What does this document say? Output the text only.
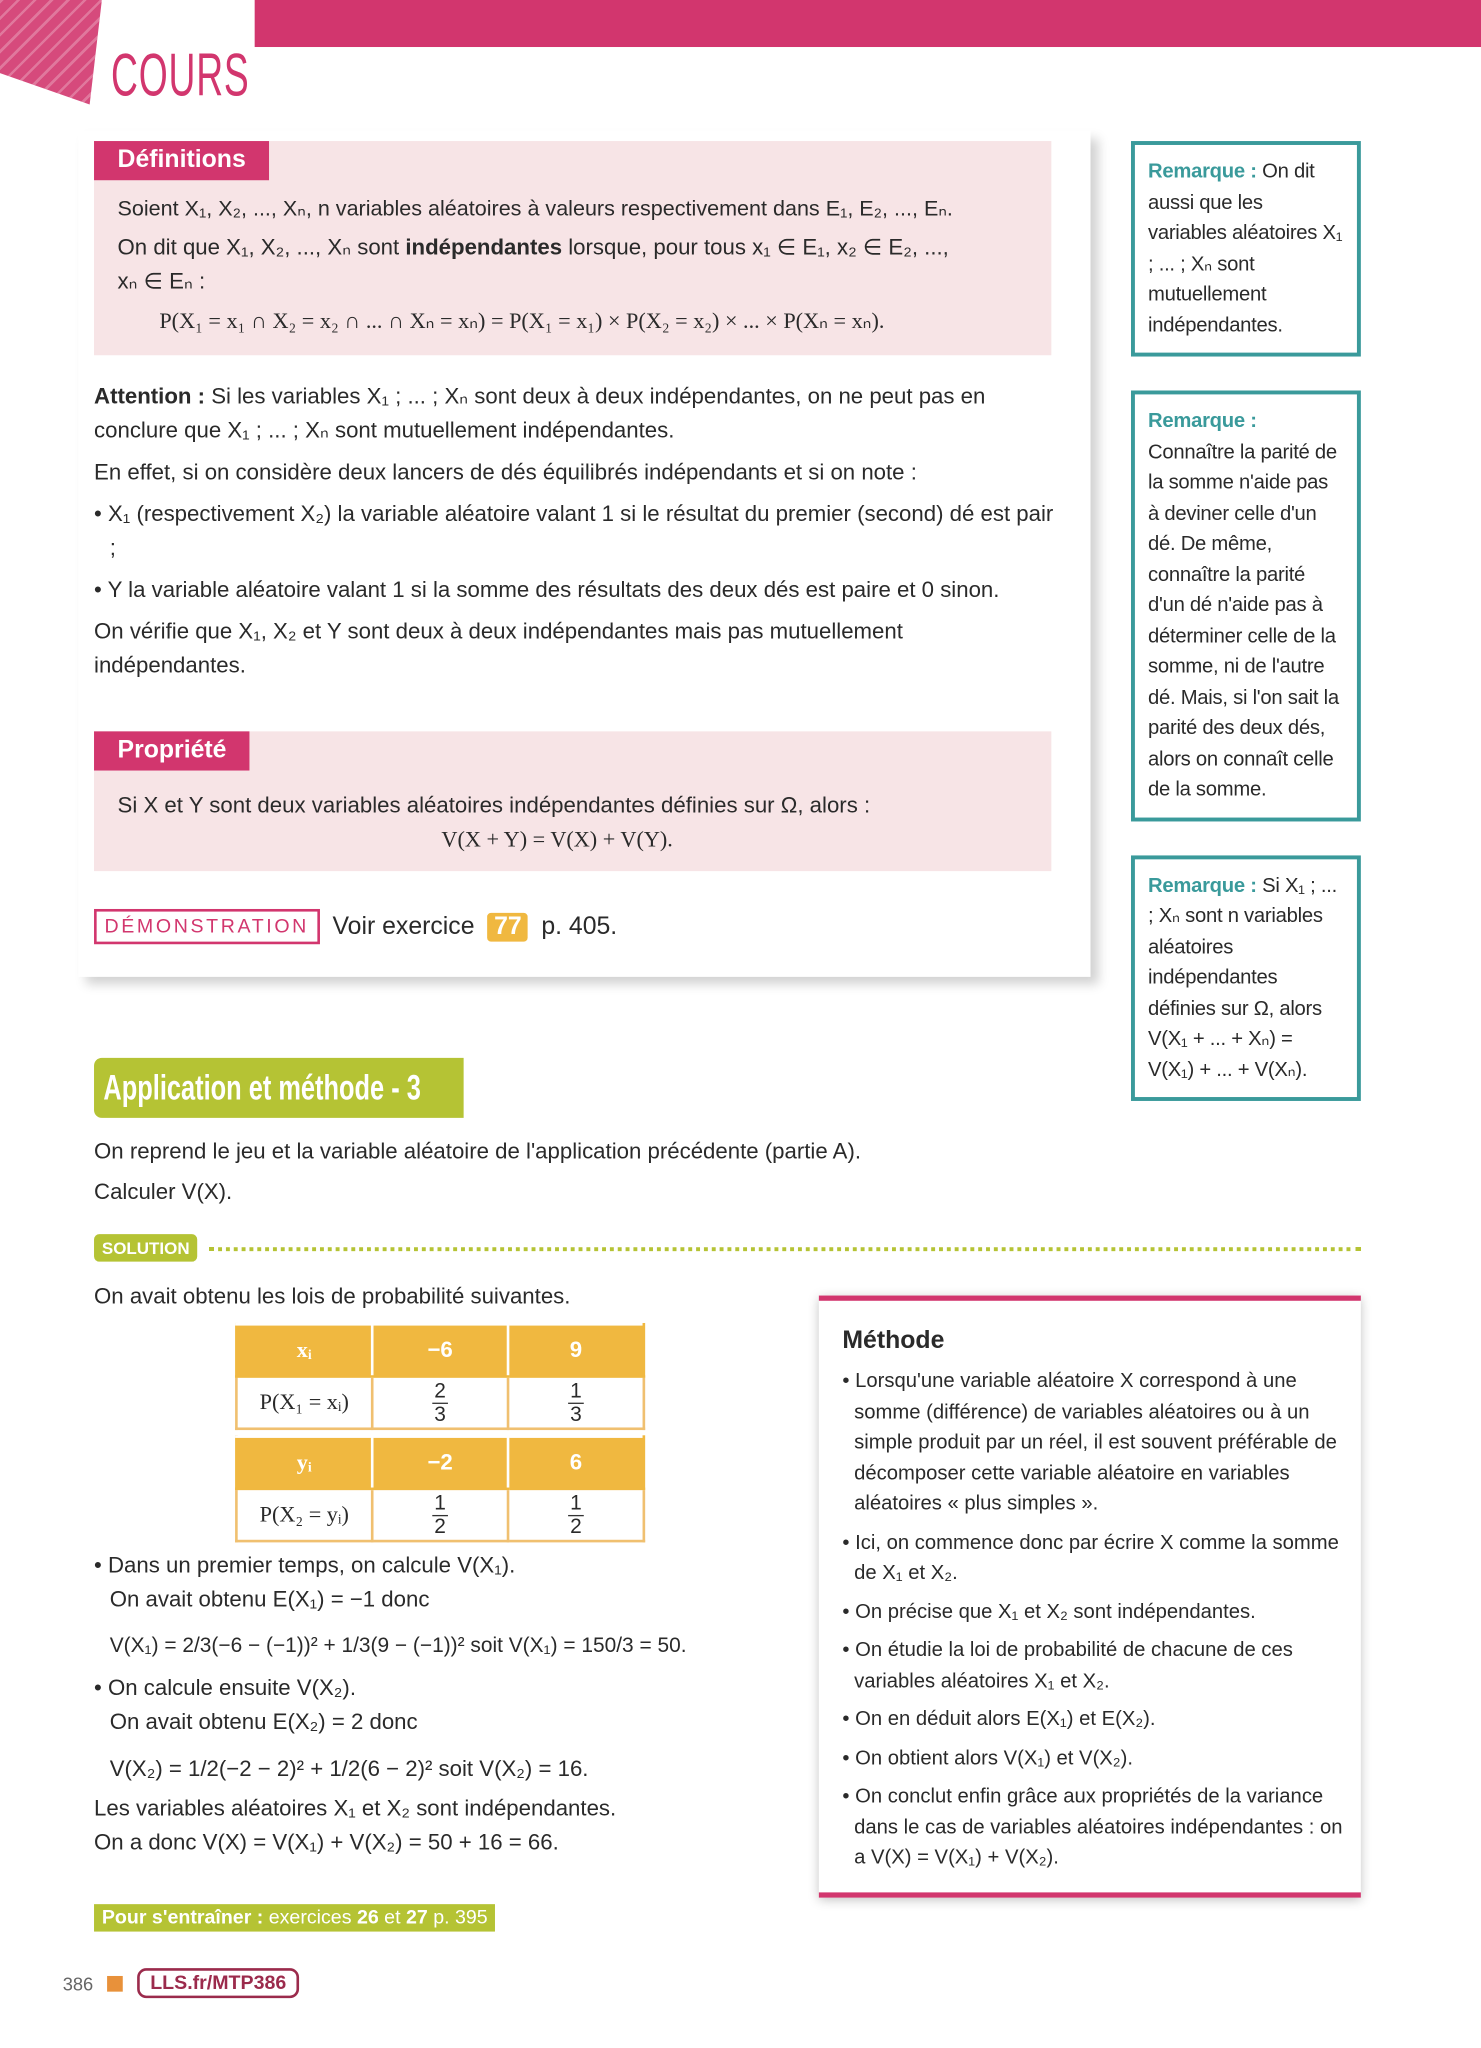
COURS
Définitions
Soient X₁, X₂, ..., Xₙ, n variables aléatoires à valeurs respectivement dans E₁, E₂, ..., Eₙ.
On dit que X₁, X₂, ..., Xₙ sont indépendantes lorsque, pour tous x₁ ∈ E₁, x₂ ∈ E₂, ...,
xₙ ∈ Eₙ :
P(X₁ = x₁ ∩ X₂ = x₂ ∩ ... ∩ Xₙ = xₙ) = P(X₁ = x₁) × P(X₂ = x₂) × ... × P(Xₙ = xₙ).
Attention : Si les variables X₁ ; ... ; Xₙ sont deux à deux indépendantes, on ne peut pas en conclure que X₁ ; ... ; Xₙ sont mutuellement indépendantes.
En effet, si on considère deux lancers de dés équilibrés indépendants et si on note :
• X₁ (respectivement X₂) la variable aléatoire valant 1 si le résultat du premier (second) dé est pair ;
• Y la variable aléatoire valant 1 si la somme des résultats des deux dés est paire et 0 sinon.
On vérifie que X₁, X₂ et Y sont deux à deux indépendantes mais pas mutuellement indépendantes.
Propriété
Si X et Y sont deux variables aléatoires indépendantes définies sur Ω, alors :
V(X + Y) = V(X) + V(Y).
DÉMONSTRATION	Voir exercice	77	p. 405.
Remarque : On dit aussi que les variables aléatoires X₁ ; ... ; Xₙ sont mutuellement indépendantes.
Remarque : Connaître la parité de la somme n'aide pas à deviner celle d'un dé. De même, connaître la parité d'un dé n'aide pas à déterminer celle de la somme, ni de l'autre dé. Mais, si l'on sait la parité des deux dés, alors on connaît celle de la somme.
Remarque : Si X₁ ; ... ; Xₙ sont n variables aléatoires indépendantes définies sur Ω, alors V(X₁ + ... + Xₙ) = V(X₁) + ... + V(Xₙ).
Application et méthode - 3
On reprend le jeu et la variable aléatoire de l'application précédente (partie A).
Calculer V(X).
SOLUTION
On avait obtenu les lois de probabilité suivantes.
xᵢ	−6	9
P(X₁ = xᵢ)	$\frac{2}{3}$	$\frac{1}{3}$
yᵢ	−2	6
P(X₂ = yᵢ)	$\frac{1}{2}$	$\frac{1}{2}$
• Dans un premier temps, on calcule V(X₁).
On avait obtenu E(X₁) = −1 donc
V(X₁) = 2/3(−6 − (−1))² + 1/3(9 − (−1))² soit V(X₁) = 150/3 = 50.
• On calcule ensuite V(X₂).
On avait obtenu E(X₂) = 2 donc
V(X₂) = 1/2(−2 − 2)² + 1/2(6 − 2)² soit V(X₂) = 16.
Les variables aléatoires X₁ et X₂ sont indépendantes.
On a donc V(X) = V(X₁) + V(X₂) = 50 + 16 = 66.
Méthode
• Lorsqu'une variable aléatoire X correspond à une somme (différence) de variables aléatoires ou à un simple produit par un réel, il est souvent préférable de décomposer cette variable aléatoire en variables aléatoires « plus simples ».
• Ici, on commence donc par écrire X comme la somme de X₁ et X₂.
• On précise que X₁ et X₂ sont indépendantes.
• On étudie la loi de probabilité de chacune de ces variables aléatoires X₁ et X₂.
• On en déduit alors E(X₁) et E(X₂).
• On obtient alors V(X₁) et V(X₂).
• On conclut enfin grâce aux propriétés de la variance dans le cas de variables aléatoires indépendantes : on a V(X) = V(X₁) + V(X₂).
Pour s'entraîner : exercices 26 et 27 p. 395
386	LLS.fr/MTP386
